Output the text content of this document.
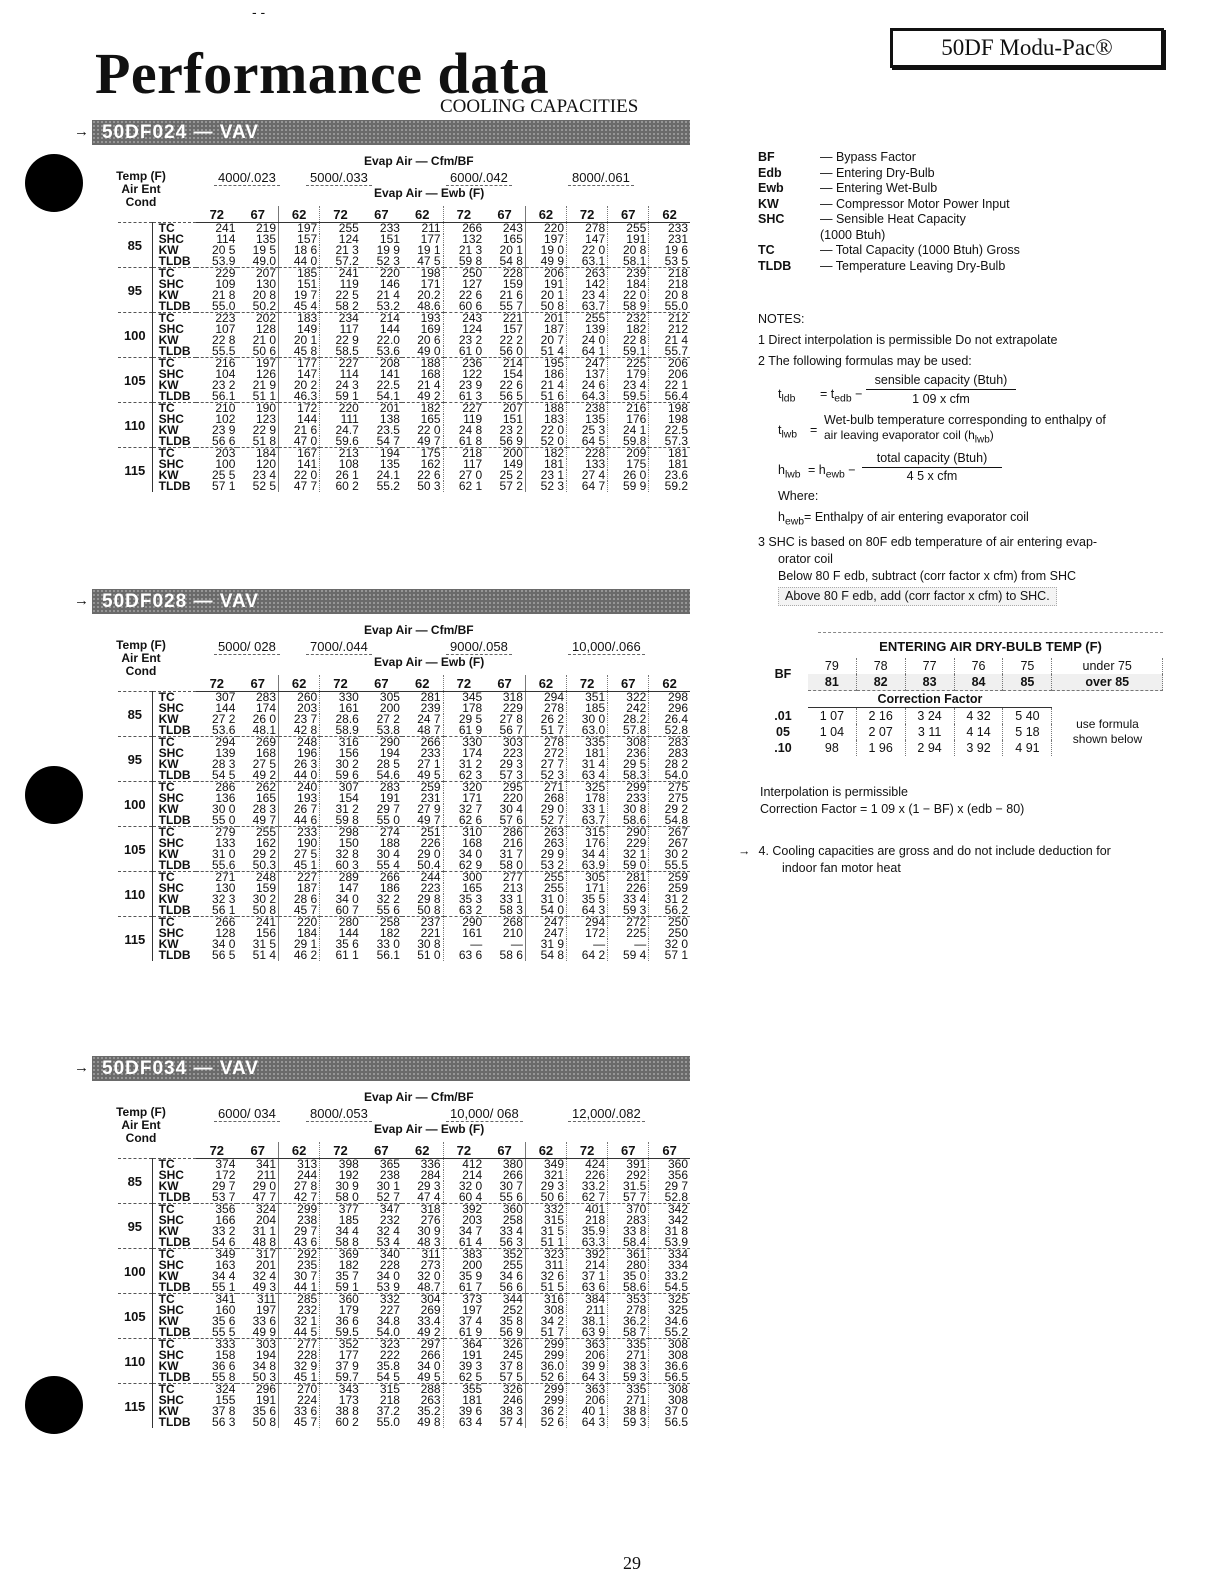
- -
Performance data
COOLING CAPACITIES
50DF Modu-Pac®
→ 50DF024 — VAV
Temp (F)
Air Ent
Cond
Evap Air — Cfm/BF
4000/.023	5000/.033	6000/.042	8000/.061
Evap Air — Ewb (F)
		72	67	62	72	67	62	72	67	62	72	67	62
85	TC	241	219	197	255	233	211	266	243	220	278	255	233
	SHC	114	135	157	124	151	177	132	165	197	147	191	231
	KW	20 5	19 5	18 6	21 3	19 9	19 1	21 3	20 1	19 0	22 0	20 8	19 6
	TLDB	53.9	49.0	44 0	57.2	52 3	47 5	59 8	54 8	49 9	63.1	58.1	53 5
95	TC	229	207	185	241	220	198	250	228	206	263	239	218
	SHC	109	130	151	119	146	171	127	159	191	142	184	218
	KW	21 8	20 8	19 7	22 5	21 4	20.2	22 6	21 6	20 1	23 4	22 0	20 8
	TLDB	55.0	50.2	45 4	58 2	53.2	48.6	60 6	55 7	50 8	63.7	58 9	55.0
100	TC	223	202	183	234	214	193	243	221	201	255	232	212
	SHC	107	128	149	117	144	169	124	157	187	139	182	212
	KW	22 8	21 0	20 1	22 9	22.0	20 6	23 2	22 2	20 7	24 0	22 8	21 4
	TLDB	55.5	50 6	45 8	58.5	53.6	49 0	61 0	56 0	51 4	64 1	59.1	55.7
105	TC	216	197	177	227	208	188	236	214	195	247	225	206
	SHC	104	126	147	114	141	168	122	154	186	137	179	206
	KW	23 2	21 9	20 2	24 3	22.5	21 4	23 9	22 6	21 4	24 6	23 4	22 1
	TLDB	56.1	51 1	46.3	59 1	54.1	49 2	61 3	56 5	51 6	64.3	59.5	56.4
110	TC	210	190	172	220	201	182	227	207	188	238	216	198
	SHC	102	123	144	111	138	165	119	151	183	135	176	198
	KW	23 9	22 9	21 6	24.7	23.5	22 0	24 8	23 2	22 0	25 3	24 1	22.5
	TLDB	56 6	51 8	47 0	59.6	54 7	49 7	61 8	56 9	52 0	64 5	59.8	57.3
115	TC	203	184	167	213	194	175	218	200	182	228	209	181
	SHC	100	120	141	108	135	162	117	149	181	133	175	181
	KW	25 5	23 4	22 0	26 1	24.1	22 6	27 0	25 2	23 1	27 4	26 0	23.6
	TLDB	57 1	52 5	47 7	60 2	55.2	50 3	62 1	57 2	52 3	64 7	59 9	59.2
→ 50DF028 — VAV
Temp (F)
Air Ent
Cond
Evap Air — Cfm/BF
5000/ 028	7000/.044	9000/.058	10,000/.066
Evap Air — Ewb (F)
		72	67	62	72	67	62	72	67	62	72	67	62
85	TC	307	283	260	330	305	281	345	318	294	351	322	298
	SHC	144	174	203	161	200	239	178	229	278	185	242	296
	KW	27 2	26 0	23 7	28.6	27 2	24 7	29 5	27 8	26 2	30 0	28.2	26.4
	TLDB	53.6	48.1	42 8	58.9	53.8	48 7	61 9	56 7	51 7	63.0	57.8	52.8
95	TC	294	269	248	316	290	266	330	303	278	335	308	283
	SHC	139	168	196	156	194	233	174	223	272	181	236	283
	KW	28 3	27 5	26 3	30 2	28 5	27 1	31 2	29 3	27 7	31 4	29 5	28 2
	TLDB	54 5	49 2	44 0	59 6	54.6	49 5	62 3	57 3	52 3	63 4	58.3	54.0
100	TC	286	262	240	307	283	259	320	295	271	325	299	275
	SHC	136	165	193	154	191	231	171	220	268	178	233	275
	KW	30 0	28 3	26 7	31 2	29 7	27 9	32 7	30 4	29 0	33 1	30 8	29 2
	TLDB	55 0	49 7	44 6	59 8	55 0	49 7	62 6	57 6	52 7	63.7	58.6	54.8
105	TC	279	255	233	298	274	251	310	286	263	315	290	267
	SHC	133	162	190	150	188	226	168	216	263	176	229	267
	KW	31 0	29 2	27 5	32 8	30 4	29 0	34 0	31 7	29 9	34 4	32 1	30 2
	TLDB	55.6	50.3	45 1	60 3	55 4	50.4	62 9	58 0	53 2	63.9	59 0	55.5
110	TC	271	248	227	289	266	244	300	277	255	305	281	259
	SHC	130	159	187	147	186	223	165	213	255	171	226	259
	KW	32 3	30 2	28 6	34 0	32 2	29 8	35 3	33 1	31 0	35 5	33 4	31 2
	TLDB	56 1	50 8	45 7	60 7	55 6	50 8	63 2	58 3	54 0	64 3	59 3	56.2
115	TC	266	241	220	280	258	237	290	268	247	294	272	250
	SHC	128	156	184	144	182	221	161	210	247	172	225	250
	KW	34 0	31 5	29 1	35 6	33 0	30 8	—	—	31 9	—	—	32 0
	TLDB	56 5	51 4	46 2	61 1	56.1	51 0	63 6	58 6	54 8	64 2	59 4	57 1
→ 50DF034 — VAV
Temp (F)
Air Ent
Cond
Evap Air — Cfm/BF
6000/ 034	8000/.053	10,000/ 068	12,000/.082
Evap Air — Ewb (F)
		72	67	62	72	67	62	72	67	62	72	67	67
85	TC	374	341	313	398	365	336	412	380	349	424	391	360
	SHC	172	211	244	192	238	284	214	266	321	226	292	356
	KW	29 7	29 0	27 8	30 9	30 1	29 3	32 0	30 7	29 3	33.2	31.5	29 7
	TLDB	53 7	47 7	42 7	58 0	52 7	47 4	60 4	55 6	50 6	62 7	57 7	52.8
95	TC	356	324	299	377	347	318	392	360	332	401	370	342
	SHC	166	204	238	185	232	276	203	258	315	218	283	342
	KW	33 2	31 1	29 7	34 4	32 4	30 9	34 7	33 4	31 5	35.9	33 8	31 8
	TLDB	54 6	48 8	43 6	58 8	53 4	48 3	61 4	56 3	51 1	63.3	58.4	53.9
100	TC	349	317	292	369	340	311	383	352	323	392	361	334
	SHC	163	201	235	182	228	273	200	255	311	214	280	334
	KW	34 4	32 4	30 7	35 7	34 0	32 0	35 9	34 6	32 6	37 1	35 0	33.2
	TLDB	55 1	49 3	44 1	59 1	53 9	48.7	61 7	56 6	51 5	63 6	58.6	54.5
105	TC	341	311	285	360	332	304	373	344	316	384	353	325
	SHC	160	197	232	179	227	269	197	252	308	211	278	325
	KW	35 6	33 6	32 1	36 6	34.8	33.4	37 4	35 8	34 2	38.1	36.2	34.6
	TLDB	55 5	49 9	44 5	59.5	54.0	49 2	61 9	56 9	51 7	63 9	58 7	55.2
110	TC	333	303	277	352	323	297	364	326	299	363	335	308
	SHC	158	194	228	177	222	266	191	245	299	206	271	308
	KW	36 6	34 8	32 9	37 9	35.8	34 0	39 3	37 8	36.0	39 9	38 3	36.6
	TLDB	55 8	50 3	45 1	59.7	54 5	49 5	62 5	57 5	52 6	64 3	59 3	56.5
115	TC	324	296	270	343	315	288	355	326	299	363	335	308
	SHC	155	191	224	173	218	263	181	246	299	206	271	308
	KW	37 8	35 6	33 6	38 8	37.2	35.2	39 6	38 3	36 2	40 1	38 8	37 0
	TLDB	56 3	50 8	45 7	60 2	55.0	49 8	63 4	57 4	52 6	64 3	59 3	56.5
BF	— Bypass Factor
Edb	— Entering Dry-Bulb
Ewb	— Entering Wet-Bulb
KW	— Compressor Motor Power Input
SHC	— Sensible Heat Capacity
(1000 Btuh)
TC	— Total Capacity (1000 Btuh) Gross
TLDB — Temperature Leaving Dry-Bulb
NOTES:
1 Direct interpolation is permissible Do not extrapolate
2 The following formulas may be used:
$t_{ldb} = t_{edb}$ −
sensible capacity (Btuh)
1 09 x cfm
$t_{lwb}$ =
Wet-bulb temperature corresponding to enthalpy of
air leaving evaporator coil $(h_{lwb})$
$h_{lwb} = h_{ewb}$ −
total capacity (Btuh)
4 5 x cfm
Where:
$h_{ewb}=$ Enthalpy of air entering evaporator coil
3 SHC is based on 80F edb temperature of air entering evap-
orator coil
Below 80 F edb, subtract (corr factor x cfm) from SHC
Above 80 F edb, add (corr factor x cfm) to SHC.
ENTERING AIR DRY-BULB TEMP (F)
BF	79	78	77	76	75	under 75
	81	82	83	84	85	over 85
	Correction Factor					
.01	1 07	2 16	3 24	4 32	5 40	use formula
shown below

05	1 04	2 07	3 11	4 14	5 18	
.10	98	1 96	2 94	3 92	4 91	
Interpolation is permissible
Correction Factor = 1 09 x (1 − BF) x (edb − 80)
→ 4. Cooling capacities are gross and do not include deduction for
indoor fan motor heat
29
